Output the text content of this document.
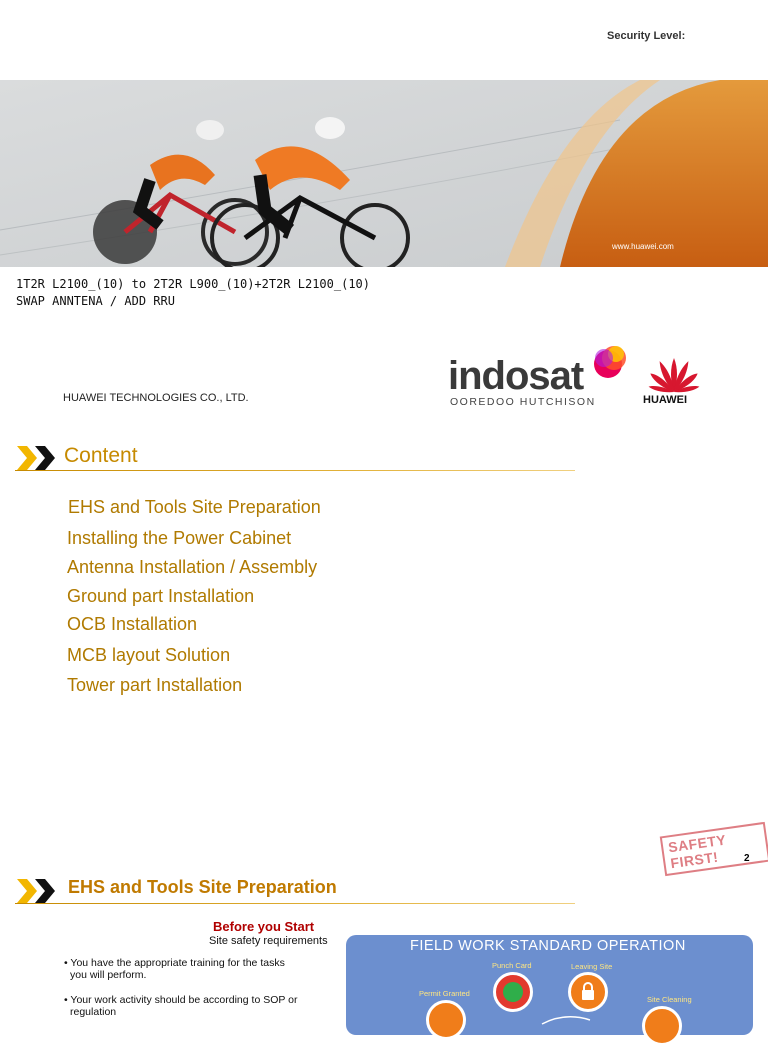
Security Level:
www.huawei.com
1T2R L2100_(10) to 2T2R L900_(10)+2T2R L2100_(10)
SWAP ANNTENA / ADD RRU
HUAWEI TECHNOLOGIES CO., LTD.	indosat
OOREDOO HUTCHISON	HUAWEI
Content
EHS and Tools Site Preparation
Installing the Power Cabinet
Antenna Installation / Assembly
Ground part Installation
OCB Installation
MCB layout Solution
Tower part Installation
SAFETY FIRST!	2
EHS and Tools Site Preparation
Before you Start
Site safety requirements
• You have the appropriate training for the tasks
you will perform.
• Your work activity should be according to SOP or
regulation
FIELD WORK STANDARD OPERATION
Punch Card	Leaving Site
Permit Granted
Site Cleaning
